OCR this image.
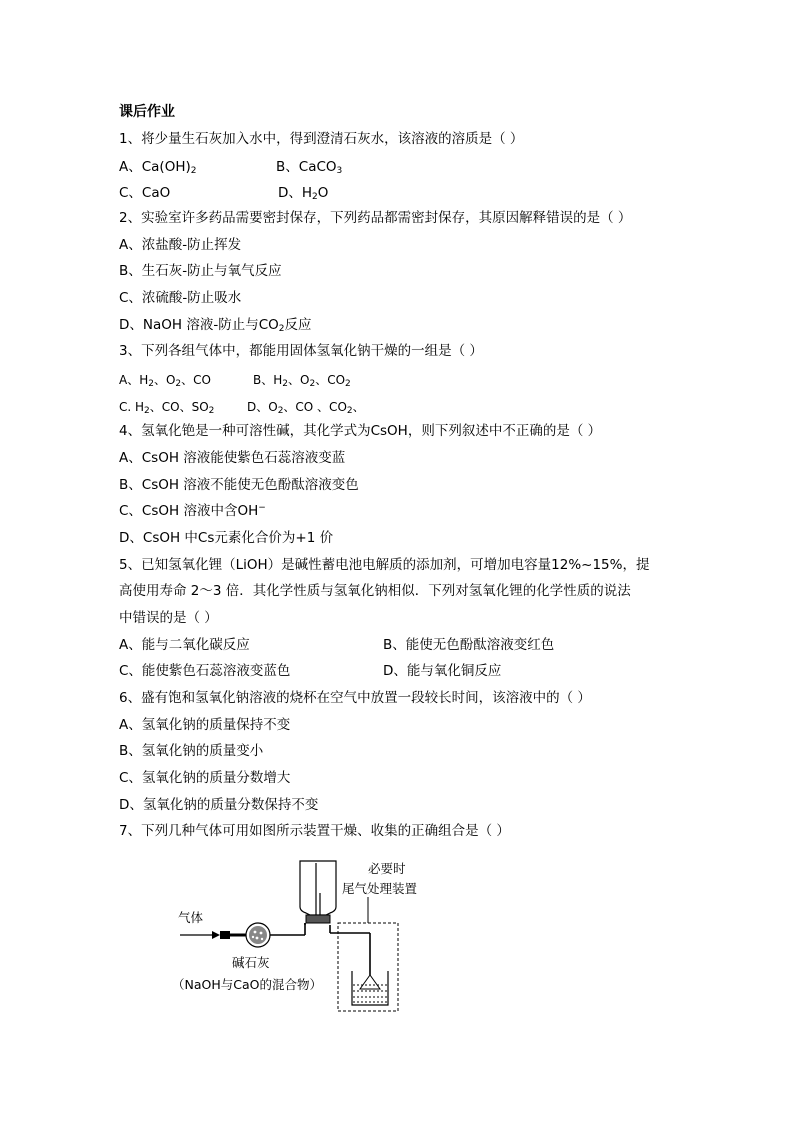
课后作业
1、将少量生石灰加入水中，得到澄清石灰水，该溶液的溶质是（ ）
A、$Ca(OH)_2$	B、CaCO$_3$
C、CaO	D、$H_2O$
2、实验室许多药品需要密封保存，下列药品都需密封保存，其原因解释错误的是（ ）
A、浓盐酸-防止挥发
B、生石灰-防止与氧气反应
C、浓硫酸-防止吸水
D、NaOH 溶液-防止与$CO_2$反应
3、下列各组气体中，都能用固体氢氧化钠干燥的一组是（ ）
A、$H_2$、$O_2$、CO	B、$H_2$、$O_2$、$CO_2$
C. $H_2$、CO、$SO_2$	D、$O_2$、CO 、$CO_2$、
4、氢氧化铯是一种可溶性碱，其化学式为CsOH，则下列叙述中不正确的是（ ）
A、CsOH 溶液能使紫色石蕊溶液变蓝
B、CsOH 溶液不能使无色酚酞溶液变色
C、CsOH 溶液中含OH−
D、CsOH 中Cs元素化合价为+1 价
5、已知氢氧化锂（LiOH）是碱性蓄电池电解质的添加剂，可增加电容量12%~15%，提
高使用寿命 2～3 倍．其化学性质与氢氧化钠相似．下列对氢氧化锂的化学性质的说法
中错误的是（ ）
A、能与二氧化碳反应	B、能使无色酚酞溶液变红色
C、能使紫色石蕊溶液变蓝色	D、能与氧化铜反应
6、盛有饱和氢氧化钠溶液的烧杯在空气中放置一段较长时间，该溶液中的（ ）
A、氢氧化钠的质量保持不变
B、氢氧化钠的质量变小
C、氢氧化钠的质量分数增大
D、氢氧化钠的质量分数保持不变
7、下列几种气体可用如图所示装置干燥、收集的正确组合是（ ）
气体
必要时
尾气处理装置
碱石灰
（NaOH与CaO的混合物）
